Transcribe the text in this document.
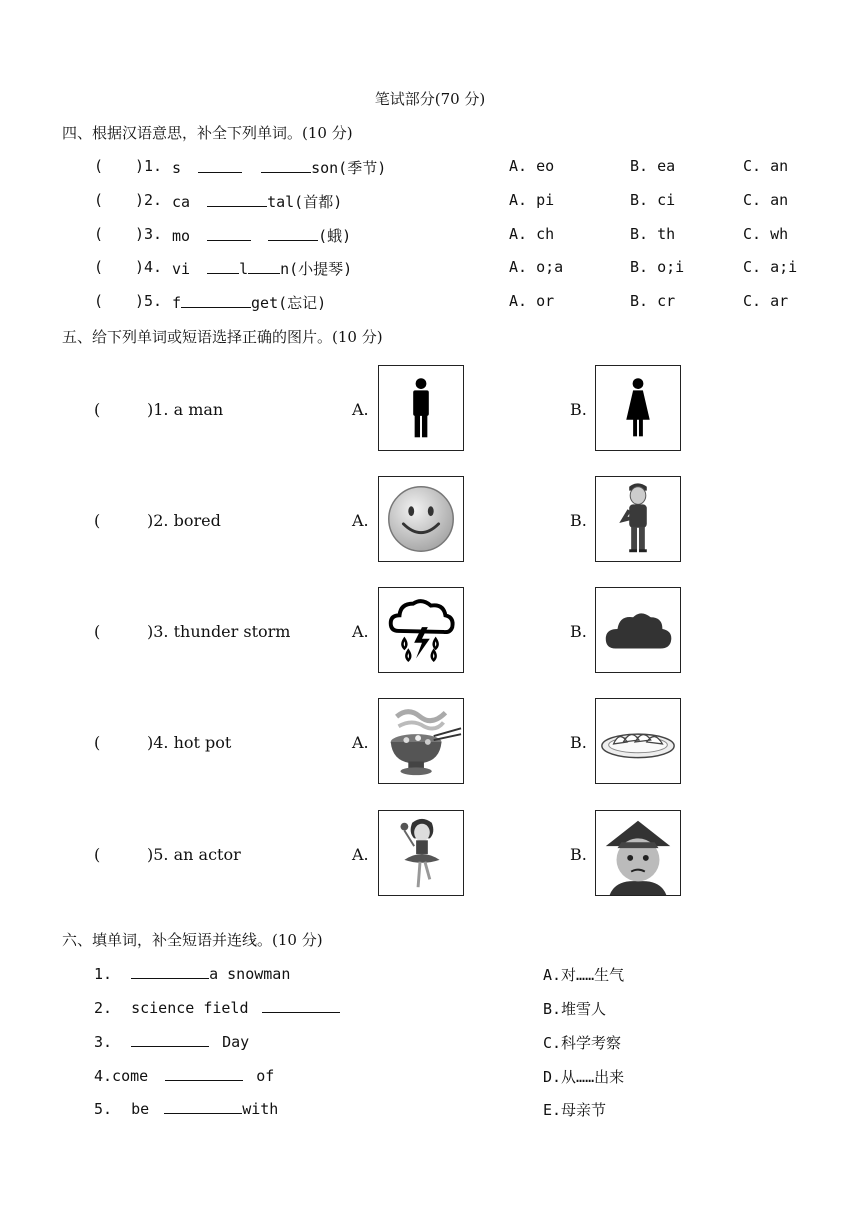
笔试部分(70 分)
四、根据汉语意思，补全下列单词。(10 分)
( )1. s	son(季节)	A. eo	B. ea	C. an
( )2. ca	tal(首都)	A. pi	B. ci	C. an
( )3. mo	(蛾)	A. ch	B. th	C. wh
( )4. vi	l n(小提琴)	A. o;a	B. o;i	C. a;i
( )5. f	get(忘记)	A. or	B. cr	C. ar
五、给下列单词或短语选择正确的图片。(10 分)
(	)1. a man	A.	B.
(	)2. bored	A.	B.
(	)3. thunder storm	A.	B.
(	)4. hot pot	A.	B.
(	)5. an actor	A.	B.
六、填单词，补全短语并连线。(10 分)
1.	a snowman
2. science field
3.	Day
4.come	of
5. be	with
A.对……生气
B.堆雪人
C.科学考察
D.从……出来
E.母亲节
